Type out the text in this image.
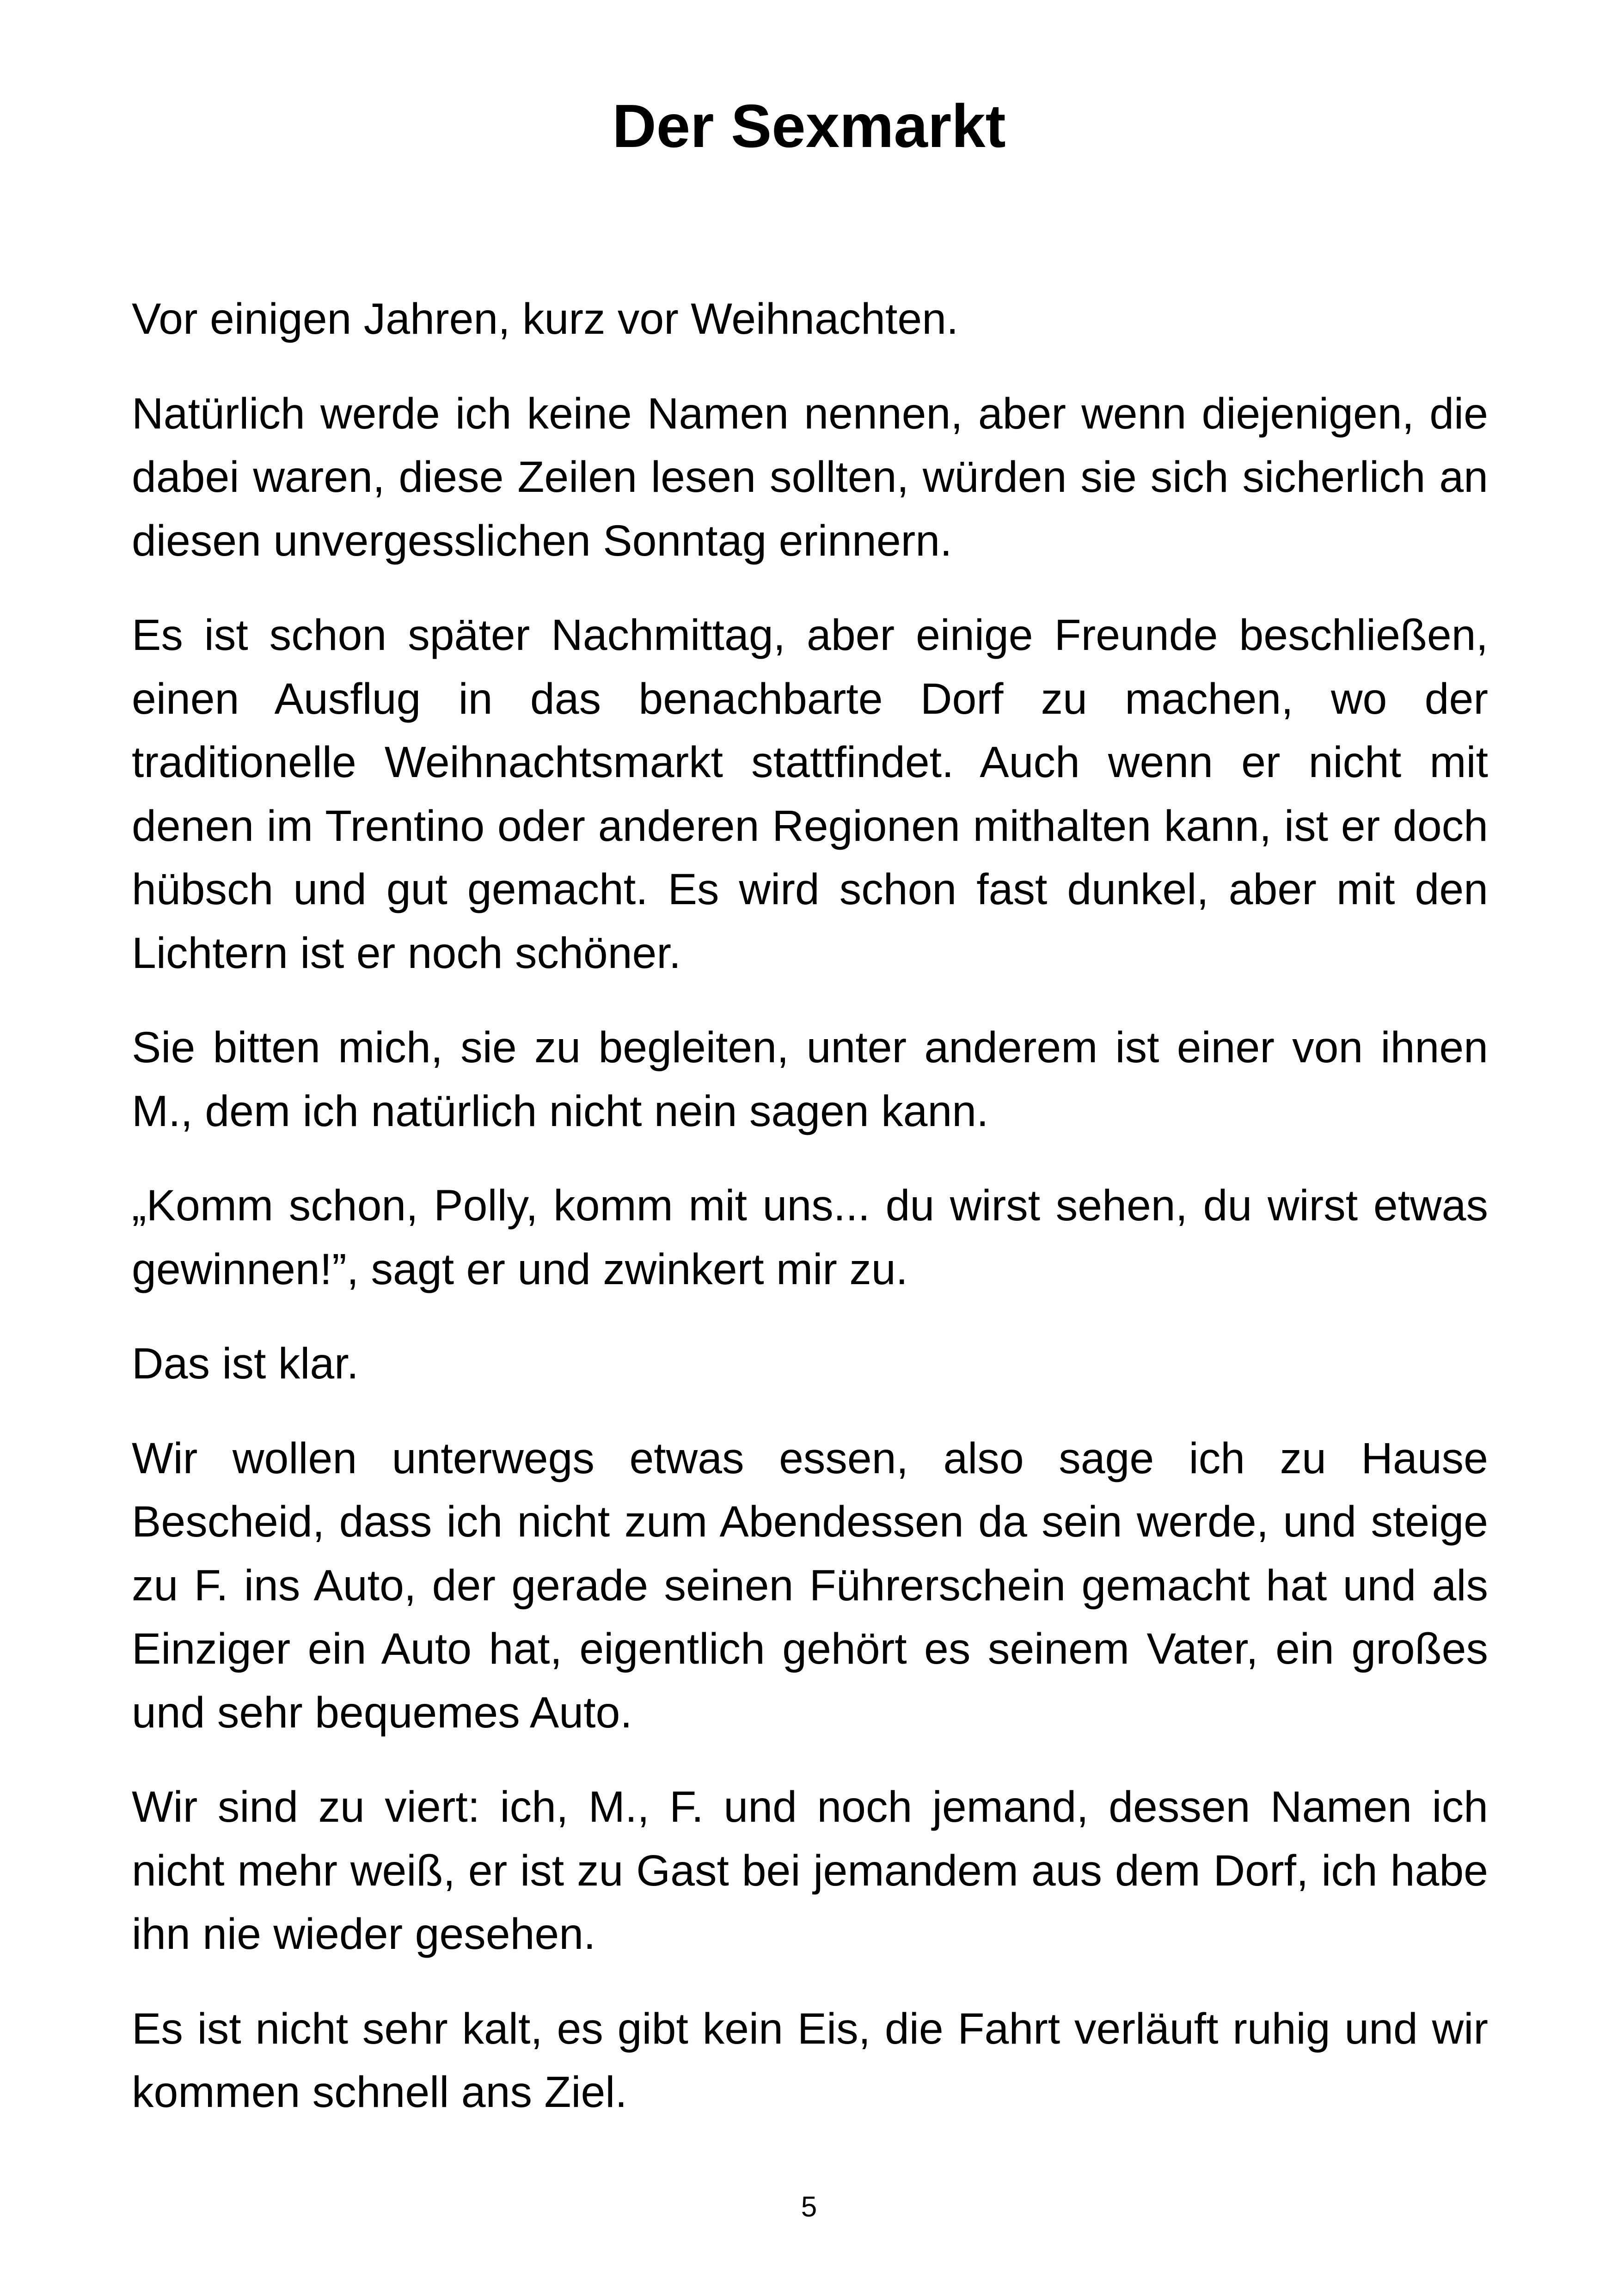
Der Sexmarkt

Vor einigen Jahren, kurz vor Weihnachten.

Natürlich werde ich keine Namen nennen, aber wenn diejenigen, die dabei waren, diese Zeilen lesen sollten, würden sie sich sicherlich an diesen unvergesslichen Sonntag erinnern.

Es ist schon später Nachmittag, aber einige Freunde beschließen, einen Ausflug in das benachbarte Dorf zu machen, wo der traditionelle Weihnachtsmarkt stattfindet. Auch wenn er nicht mit denen im Trentino oder anderen Regionen mithalten kann, ist er doch hübsch und gut gemacht. Es wird schon fast dunkel, aber mit den Lichtern ist er noch schöner.

Sie bitten mich, sie zu begleiten, unter anderem ist einer von ihnen M., dem ich natürlich nicht nein sagen kann.

„Komm schon, Polly, komm mit uns... du wirst sehen, du wirst etwas gewinnen!”, sagt er und zwinkert mir zu.

Das ist klar.

Wir wollen unterwegs etwas essen, also sage ich zu Hause Bescheid, dass ich nicht zum Abendessen da sein werde, und steige zu F. ins Auto, der gerade seinen Führerschein gemacht hat und als Einziger ein Auto hat, eigentlich gehört es seinem Vater, ein großes und sehr bequemes Auto.

Wir sind zu viert: ich, M., F. und noch jemand, dessen Namen ich nicht mehr weiß, er ist zu Gast bei jemandem aus dem Dorf, ich habe ihn nie wieder gesehen.

Es ist nicht sehr kalt, es gibt kein Eis, die Fahrt verläuft ruhig und wir kommen schnell ans Ziel.

5
